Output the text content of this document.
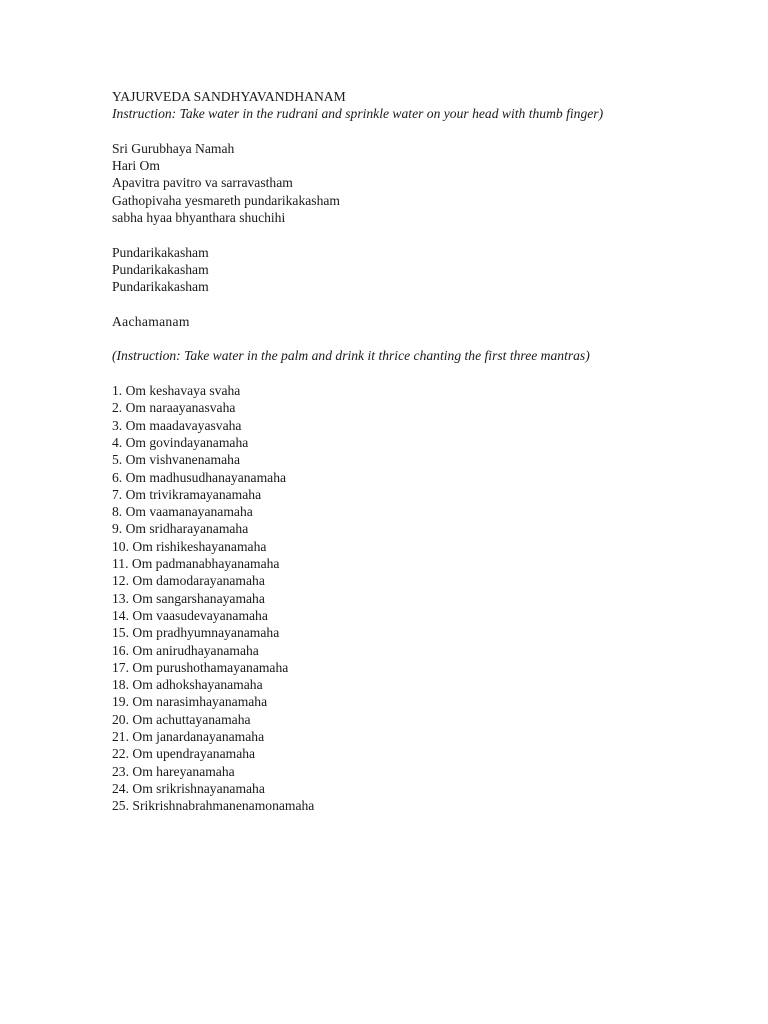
YAJURVEDA SANDHYAVANDHANAM
Instruction: Take water in the rudrani and sprinkle water on your head with thumb finger)
Sri Gurubhaya Namah
Hari Om
Apavitra pavitro va sarravastham
Gathopivaha yesmareth pundarikakasham
sabha hyaa bhyanthara shuchihi
Pundarikakasham
Pundarikakasham
Pundarikakasham
Aachamanam
(Instruction: Take water in the palm and drink it thrice chanting the first three mantras)
1. Om keshavaya svaha
2. Om naraayanasvaha
3. Om maadavayasvaha
4. Om govindayanamaha
5. Om vishvanenamaha
6. Om madhusudhanayanamaha
7. Om trivikramayanamaha
8. Om vaamanayanamaha
9. Om sridharayanamaha
10. Om rishikeshayanamaha
11. Om padmanabhayanamaha
12. Om damodarayanamaha
13. Om sangarshanayamaha
14. Om vaasudevayanamaha
15. Om pradhyumnayanamaha
16. Om anirudhayanamaha
17. Om purushothamayanamaha
18. Om adhokshayanamaha
19. Om narasimhayanamaha
20. Om achuttayanamaha
21. Om janardanayanamaha
22. Om upendrayanamaha
23. Om hareyanamaha
24. Om srikrishnayanamaha
25. Srikrishnabrahmanenamonamaha
